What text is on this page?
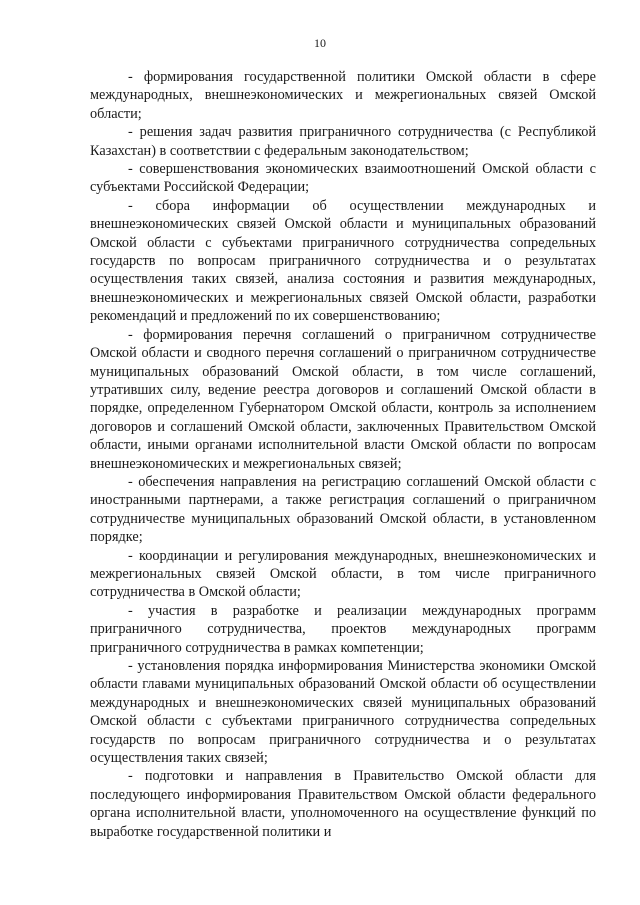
10

- формирования государственной политики Омской области в сфере международных, внешнеэкономических и межрегиональных связей Омской области;

- решения задач развития приграничного сотрудничества (с Республикой Казахстан) в соответствии с федеральным законодательством;

- совершенствования экономических взаимоотношений Омской области с субъектами Российской Федерации;

- сбора информации об осуществлении международных и внешнеэкономических связей Омской области и муниципальных образований Омской области с субъектами приграничного сотрудничества сопредельных государств по вопросам приграничного сотрудничества и о результатах осуществления таких связей, анализа состояния и развития международных, внешнеэкономических и межрегиональных связей Омской области, разработки рекомендаций и предложений по их совершенствованию;

- формирования перечня соглашений о приграничном сотрудничестве Омской области и сводного перечня соглашений о приграничном сотрудничестве муниципальных образований Омской области, в том числе соглашений, утративших силу, ведение реестра договоров и соглашений Омской области в порядке, определенном Губернатором Омской области, контроль за исполнением договоров и соглашений Омской области, заключенных Правительством Омской области, иными органами исполнительной власти Омской области по вопросам внешнеэкономических и межрегиональных связей;

- обеспечения направления на регистрацию соглашений Омской области с иностранными партнерами, а также регистрация соглашений о приграничном сотрудничестве муниципальных образований Омской области, в установленном порядке;

- координации и регулирования международных, внешнеэкономических и межрегиональных связей Омской области, в том числе приграничного сотрудничества в Омской области;

- участия в разработке и реализации международных программ приграничного сотрудничества, проектов международных программ приграничного сотрудничества в рамках компетенции;

- установления порядка информирования Министерства экономики Омской области главами муниципальных образований Омской области об осуществлении международных и внешнеэкономических связей муниципальных образований Омской области с субъектами приграничного сотрудничества сопредельных государств по вопросам приграничного сотрудничества и о результатах осуществления таких связей;

- подготовки и направления в Правительство Омской области для последующего информирования Правительством Омской области федерального органа исполнительной власти, уполномоченного на осуществление функций по выработке государственной политики и
